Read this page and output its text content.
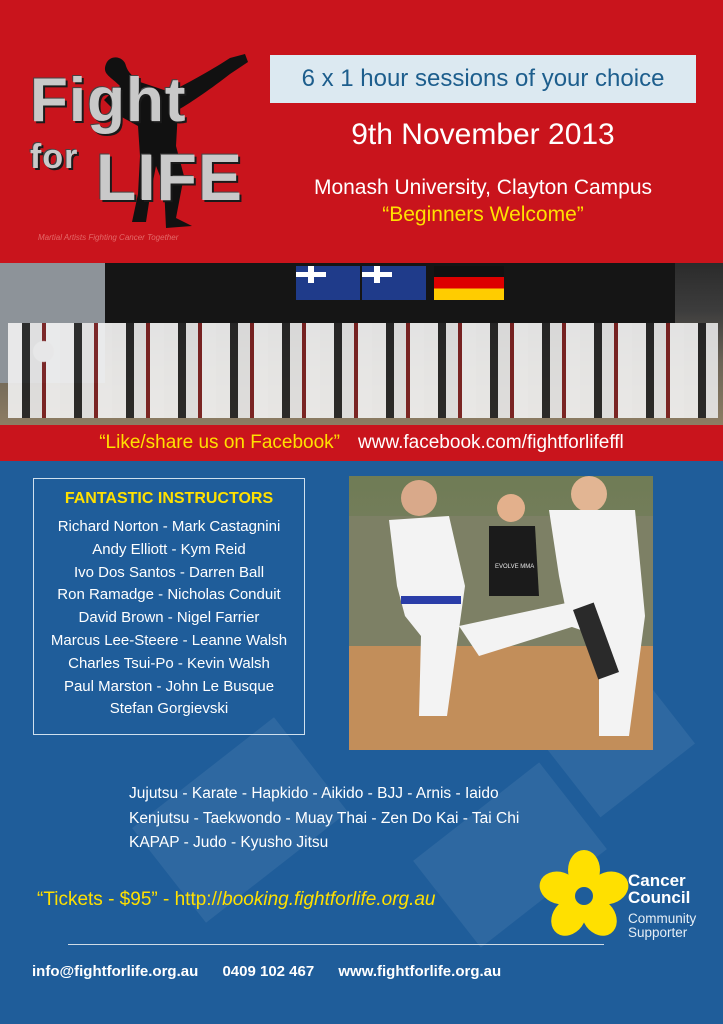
Fight
for LIFE
Martial Artists Fighting Cancer Together
6 x 1 hour sessions of your choice
9th November 2013
Monash University, Clayton Campus
“Beginners Welcome”
“Like/share us on Facebook” www.facebook.com/fightforlifeffl
FANTASTIC INSTRUCTORS
Richard Norton - Mark Castagnini
Andy Elliott - Kym Reid
Ivo Dos Santos - Darren Ball
Ron Ramadge - Nicholas Conduit
David Brown - Nigel Farrier
Marcus Lee-Steere - Leanne Walsh
Charles Tsui-Po - Kevin Walsh
Paul Marston - John Le Busque
Stefan Gorgievski
EVOLVE MMA
Jujutsu - Karate - Hapkido - Aikido - BJJ - Arnis - Iaido
Kenjutsu - Taekwondo - Muay Thai - Zen Do Kai - Tai Chi
KAPAP - Judo - Kyusho Jitsu
“Tickets - $95” - http://booking.fightforlife.org.au
Cancer
Council
Community
Supporter
info@fightforlife.org.au 0409 102 467 www.fightforlife.org.au
